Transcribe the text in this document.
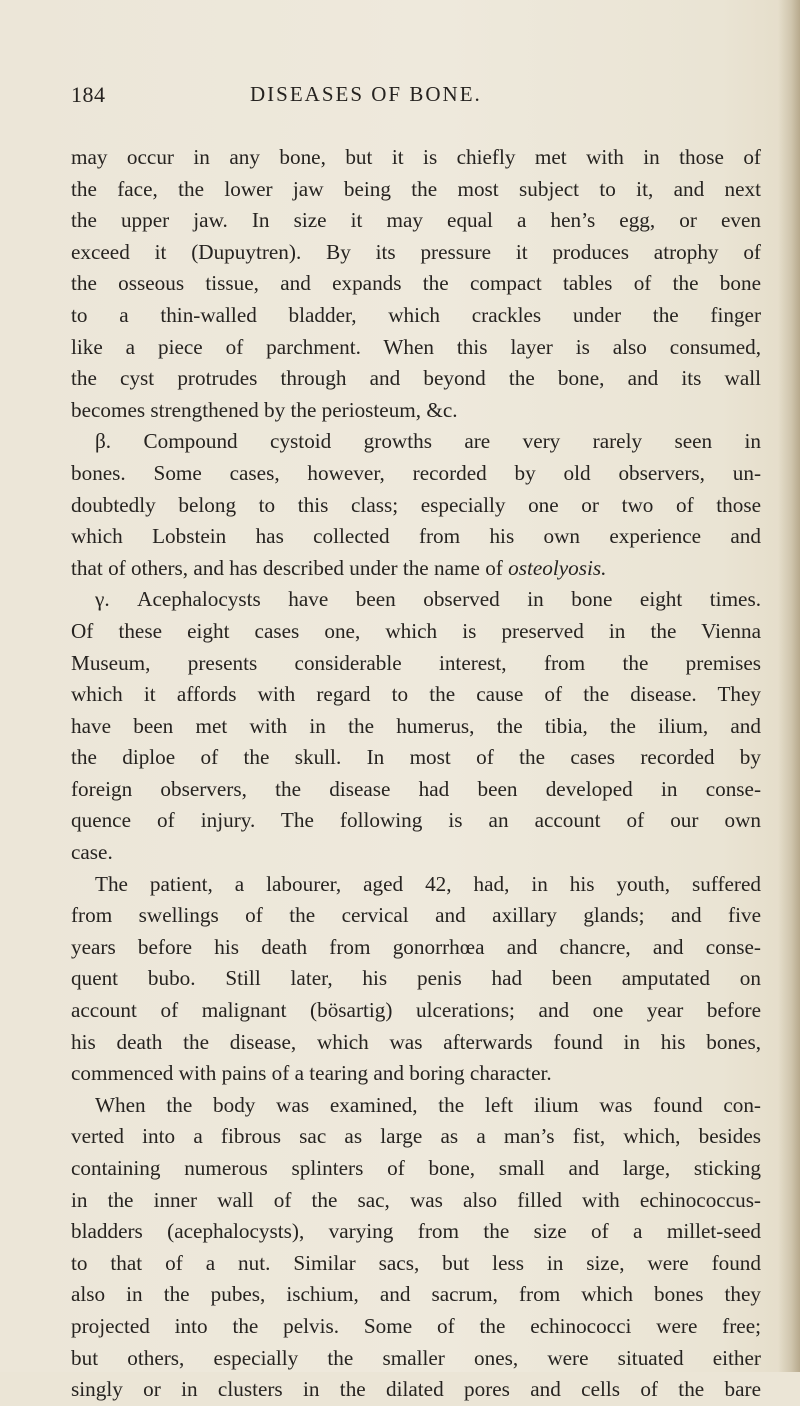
184	DISEASES OF BONE.
may occur in any bone, but it is chiefly met with in those of
the face, the lower jaw being the most subject to it, and next
the upper jaw. In size it may equal a hen’s egg, or even
exceed it (Dupuytren). By its pressure it produces atrophy of
the osseous tissue, and expands the compact tables of the bone
to a thin-walled bladder, which crackles under the finger
like a piece of parchment. When this layer is also consumed,
the cyst protrudes through and beyond the bone, and its wall
becomes strengthened by the periosteum, &c.
β. Compound cystoid growths are very rarely seen in
bones. Some cases, however, recorded by old observers, un-
doubtedly belong to this class; especially one or two of those
which Lobstein has collected from his own experience and
that of others, and has described under the name of osteolyosis.
γ. Acephalocysts have been observed in bone eight times.
Of these eight cases one, which is preserved in the Vienna
Museum, presents considerable interest, from the premises
which it affords with regard to the cause of the disease. They
have been met with in the humerus, the tibia, the ilium, and
the diploe of the skull. In most of the cases recorded by
foreign observers, the disease had been developed in conse-
quence of injury. The following is an account of our own
case.
The patient, a labourer, aged 42, had, in his youth, suffered
from swellings of the cervical and axillary glands; and five
years before his death from gonorrhœa and chancre, and conse-
quent bubo. Still later, his penis had been amputated on
account of malignant (bösartig) ulcerations; and one year before
his death the disease, which was afterwards found in his bones,
commenced with pains of a tearing and boring character.
When the body was examined, the left ilium was found con-
verted into a fibrous sac as large as a man’s fist, which, besides
containing numerous splinters of bone, small and large, sticking
in the inner wall of the sac, was also filled with echinococcus-
bladders (acephalocysts), varying from the size of a millet-seed
to that of a nut. Similar sacs, but less in size, were found
also in the pubes, ischium, and sacrum, from which bones they
projected into the pelvis. Some of the echinococci were free;
but others, especially the smaller ones, were situated either
singly or in clusters in the dilated pores and cells of the bare
